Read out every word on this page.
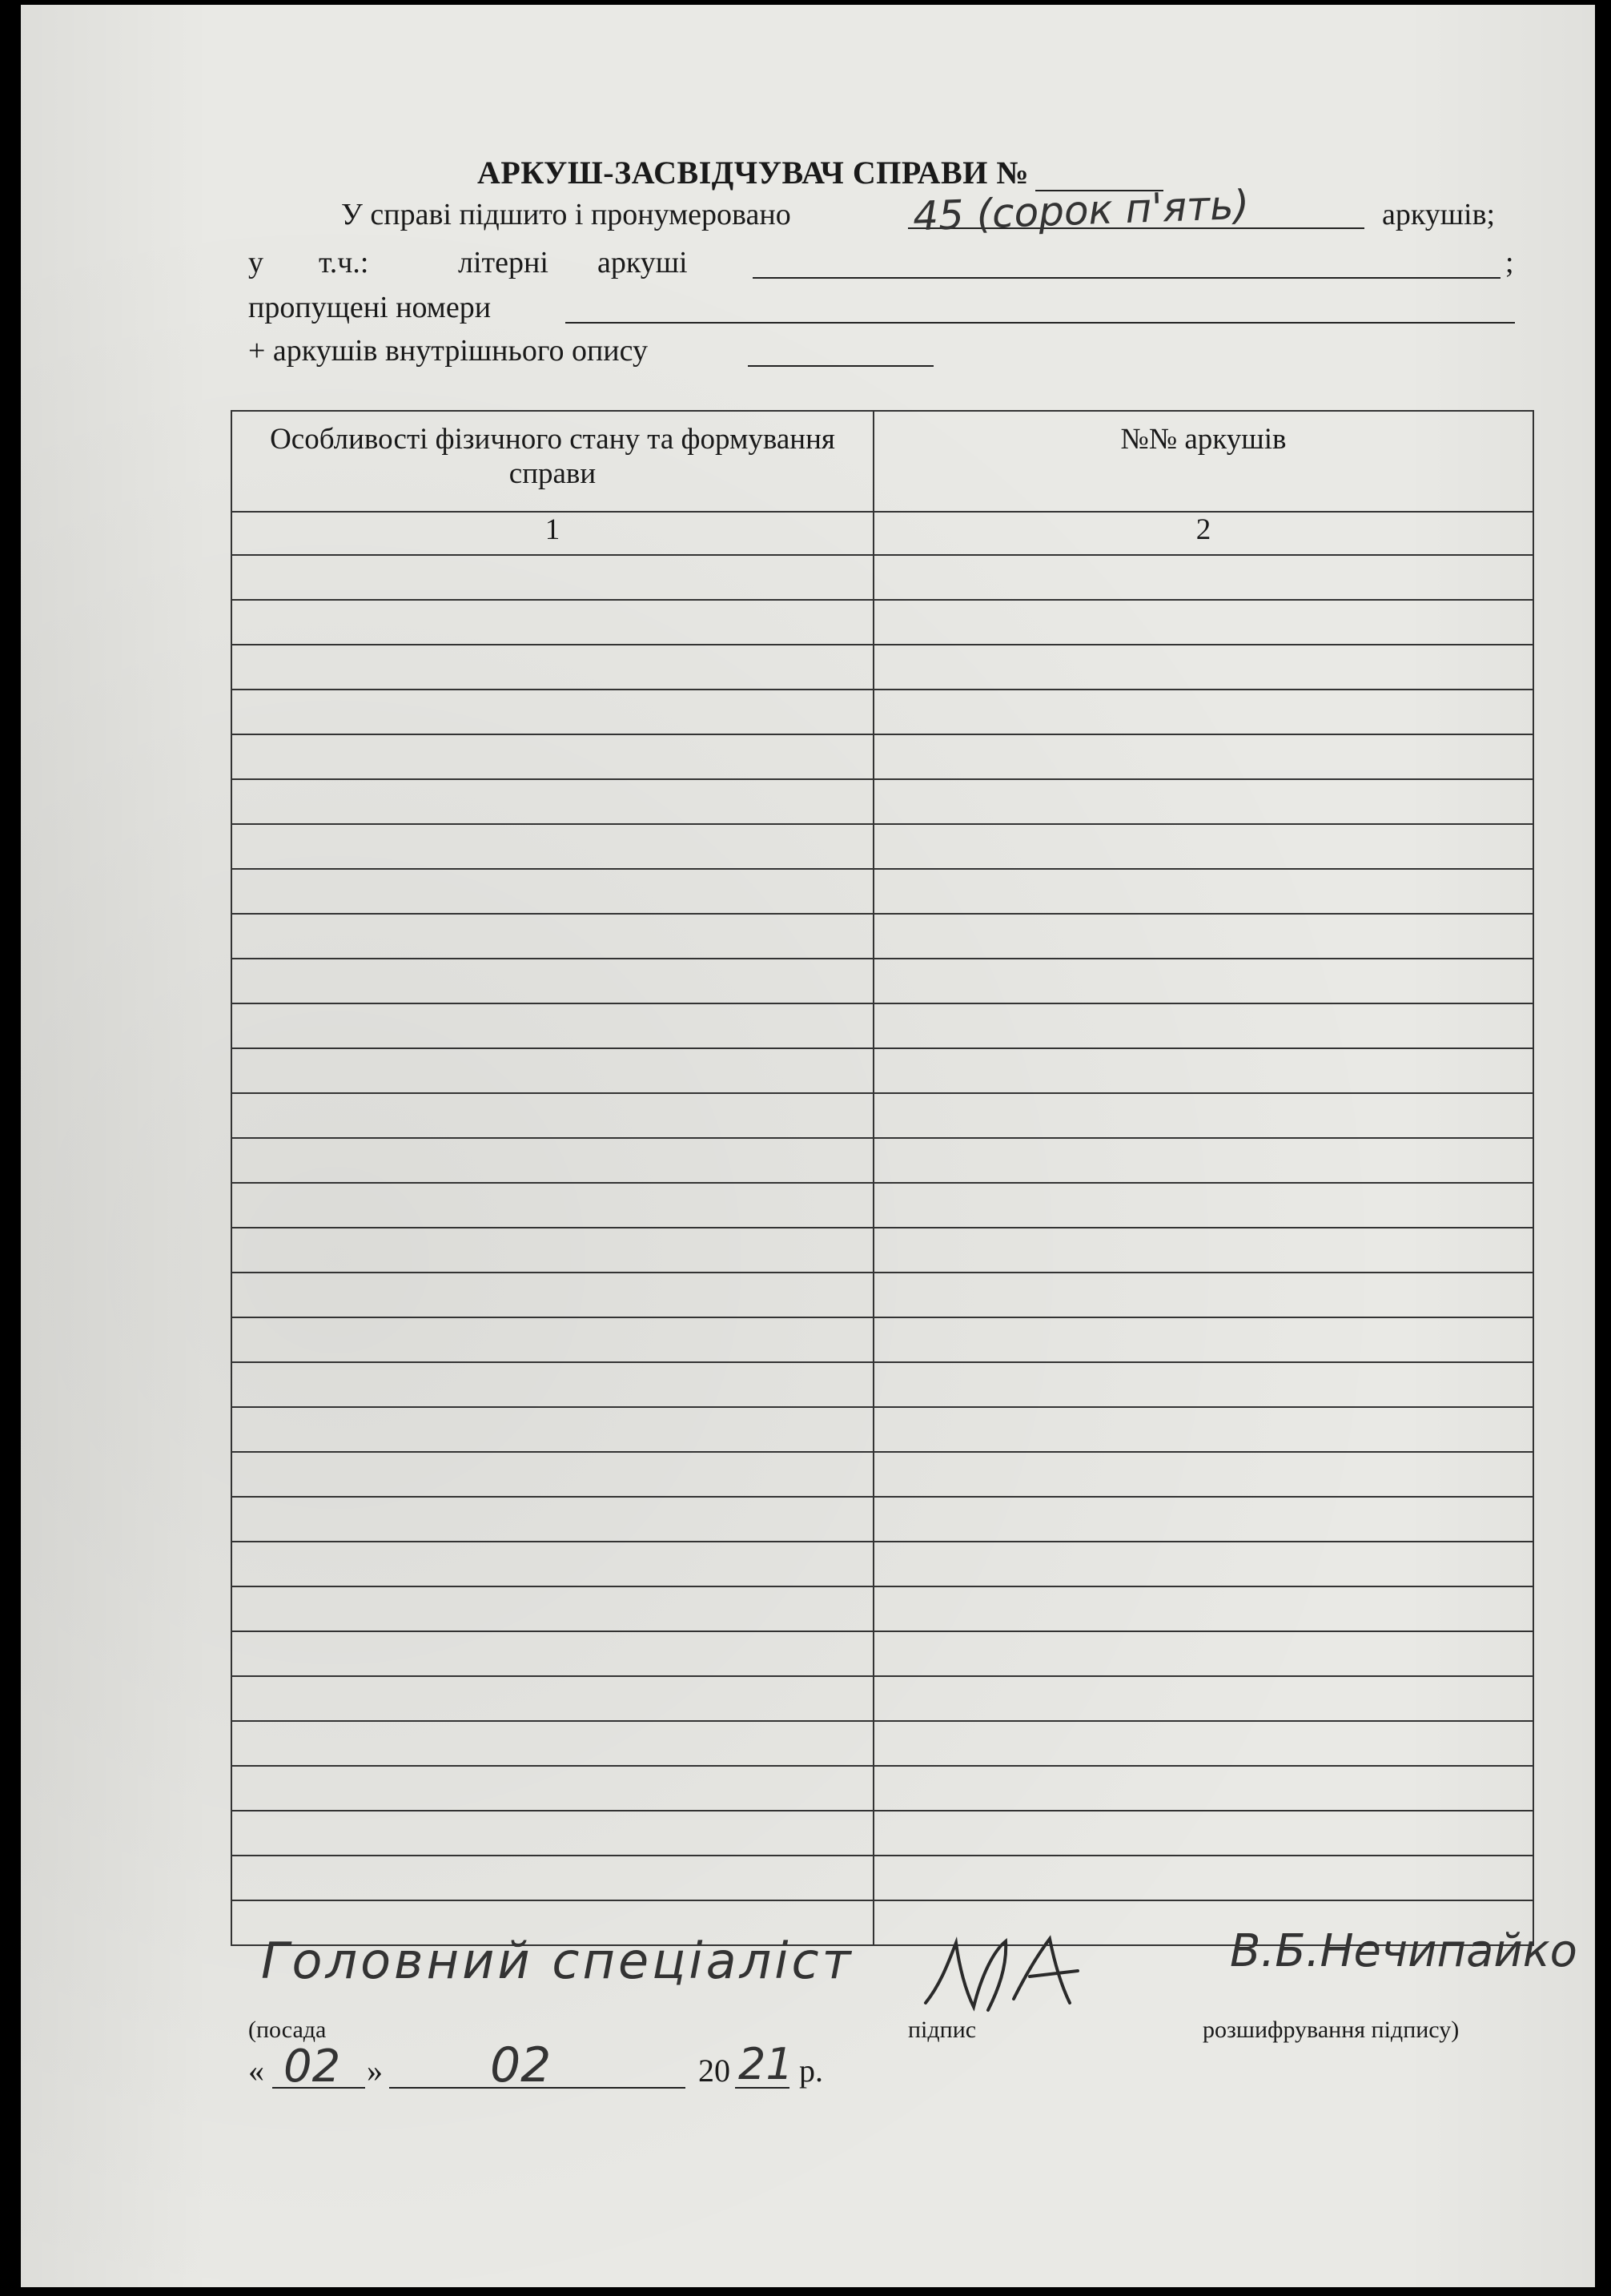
АРКУШ-ЗАСВІДЧУВАЧ СПРАВИ №
У справі підшито і пронумеровано	45 (сорок п'ять)	аркушів;
у т.ч.:	літерні аркуші	;
пропущені номери
+ аркушів внутрішнього опису
Особливості фізичного стану та формування справи	№№ аркушів
1	2

Головний спеціаліст
(посада	підпис
В.Б.Нечипайко
розшифрування підпису)
« 02 » 02	20 21 р.
